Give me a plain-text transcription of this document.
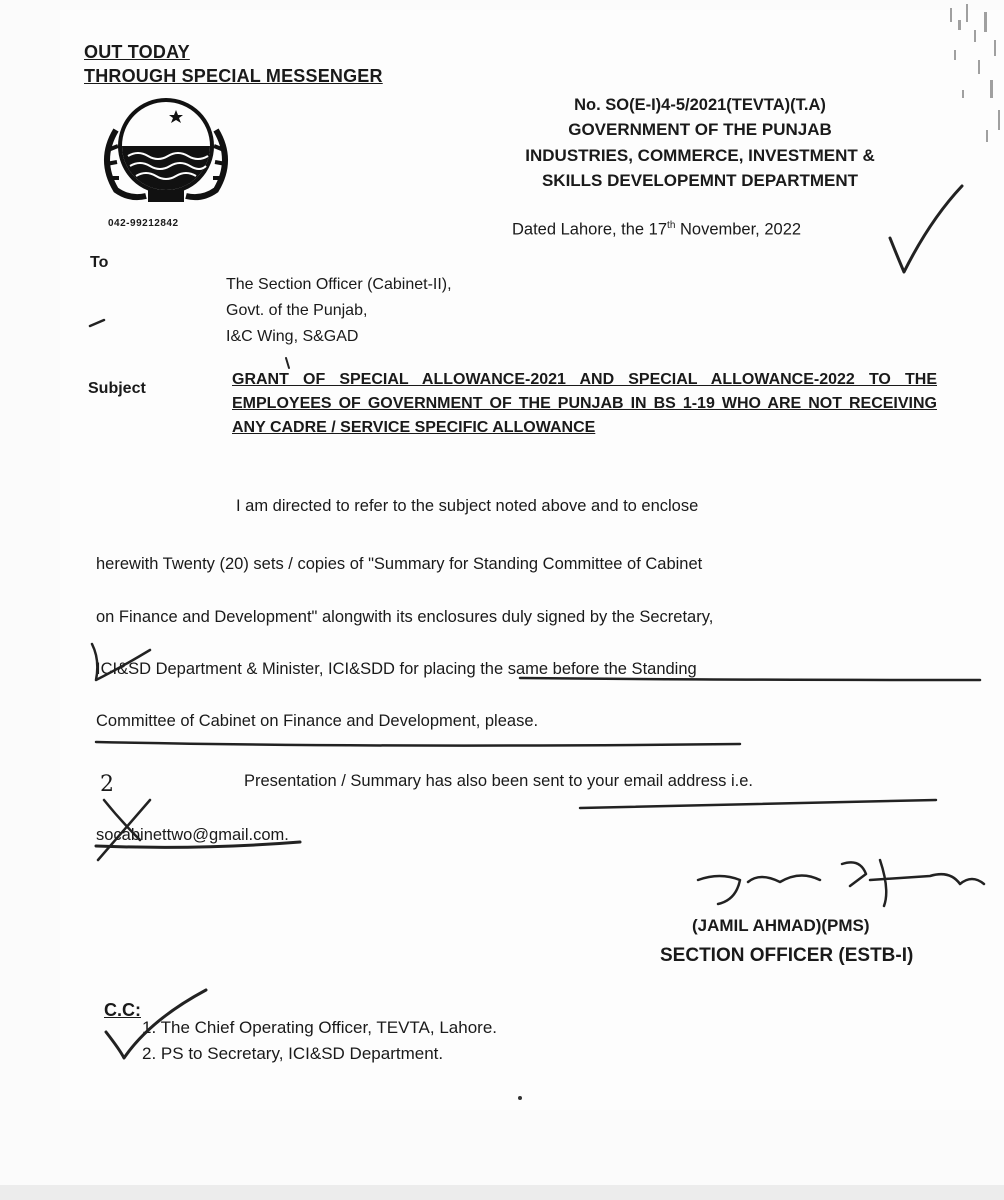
OUT TODAY
THROUGH SPECIAL MESSENGER
042-99212842
No. SO(E-I)4-5/2021(TEVTA)(T.A)
GOVERNMENT OF THE PUNJAB
INDUSTRIES, COMMERCE, INVESTMENT &
SKILLS DEVELOPEMNT DEPARTMENT
Dated Lahore, the 17th November, 2022
To
The Section Officer (Cabinet-II),
Govt. of the Punjab,
I&C Wing, S&GAD
Subject
GRANT OF SPECIAL ALLOWANCE-2021 AND SPECIAL ALLOWANCE-2022 TO THE EMPLOYEES OF GOVERNMENT OF THE PUNJAB IN BS 1-19 WHO ARE NOT RECEIVING ANY CADRE / SERVICE SPECIFIC ALLOWANCE
I am directed to refer to the subject noted above and to enclose
herewith Twenty (20) sets / copies of "Summary for Standing Committee of Cabinet
on Finance and Development" alongwith its enclosures duly signed by the Secretary,
ICI&SD Department & Minister, ICI&SDD for placing the same before the Standing
Committee of Cabinet on Finance and Development, please.
2	Presentation / Summary has also been sent to your email address i.e.
socabinettwo@gmail.com.
(JAMIL AHMAD)(PMS)
SECTION OFFICER (ESTB-I)
C.C:
1. The Chief Operating Officer, TEVTA, Lahore.
2. PS to Secretary, ICI&SD Department.
